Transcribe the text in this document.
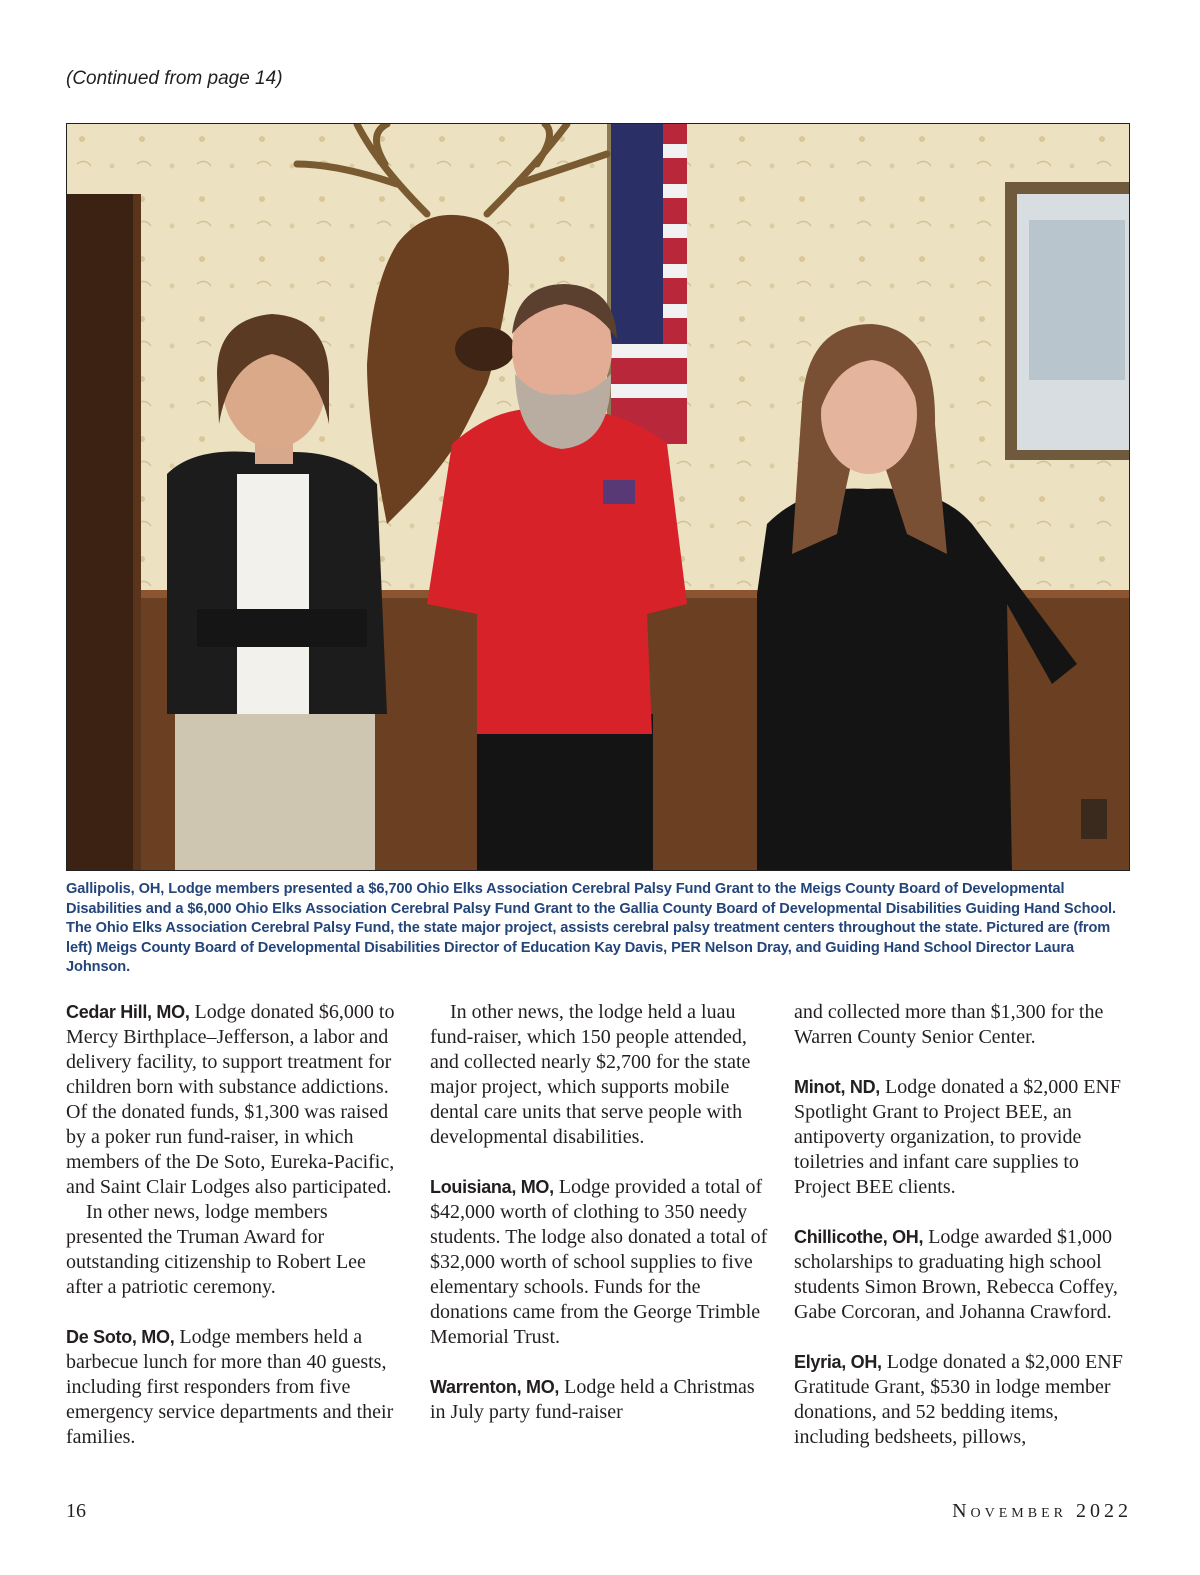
(Continued from page 14)

Gallipolis, OH, Lodge members presented a $6,700 Ohio Elks Association Cerebral Palsy Fund Grant to the Meigs County Board of Developmental Disabilities and a $6,000 Ohio Elks Association Cerebral Palsy Fund Grant to the Gallia County Board of Developmental Disabilities Guiding Hand School. The Ohio Elks Association Cerebral Palsy Fund, the state major project, assists cerebral palsy treatment centers throughout the state. Pictured are (from left) Meigs County Board of Developmental Disabilities Director of Education Kay Davis, PER Nelson Dray, and Guiding Hand School Director Laura Johnson.

Cedar Hill, MO, Lodge donated $6,000 to Mercy Birthplace–Jefferson, a labor and delivery facility, to support treatment for children born with substance addictions. Of the donated funds, $1,300 was raised by a poker run fund-raiser, in which members of the De Soto, Eureka-Pacific, and Saint Clair Lodges also participated.

In other news, lodge members presented the Truman Award for outstanding citizenship to Robert Lee after a patriotic ceremony.

De Soto, MO, Lodge members held a barbecue lunch for more than 40 guests, including first responders from five emergency service departments and their families.

In other news, the lodge held a luau fund-raiser, which 150 people attended, and collected nearly $2,700 for the state major project, which supports mobile dental care units that serve people with developmental disabilities.

Louisiana, MO, Lodge provided a total of $42,000 worth of clothing to 350 needy students. The lodge also donated a total of $32,000 worth of school supplies to five elementary schools. Funds for the donations came from the George Trimble Memorial Trust.

Warrenton, MO, Lodge held a Christmas in July party fund-raiser

and collected more than $1,300 for the Warren County Senior Center.

Minot, ND, Lodge donated a $2,000 ENF Spotlight Grant to Project BEE, an antipoverty organization, to provide toiletries and infant care supplies to Project BEE clients.

Chillicothe, OH, Lodge awarded $1,000 scholarships to graduating high school students Simon Brown, Rebecca Coffey, Gabe Corcoran, and Johanna Crawford.

Elyria, OH, Lodge donated a $2,000 ENF Gratitude Grant, $530 in lodge member donations, and 52 bedding items, including bedsheets, pillows,

16	November 2022
